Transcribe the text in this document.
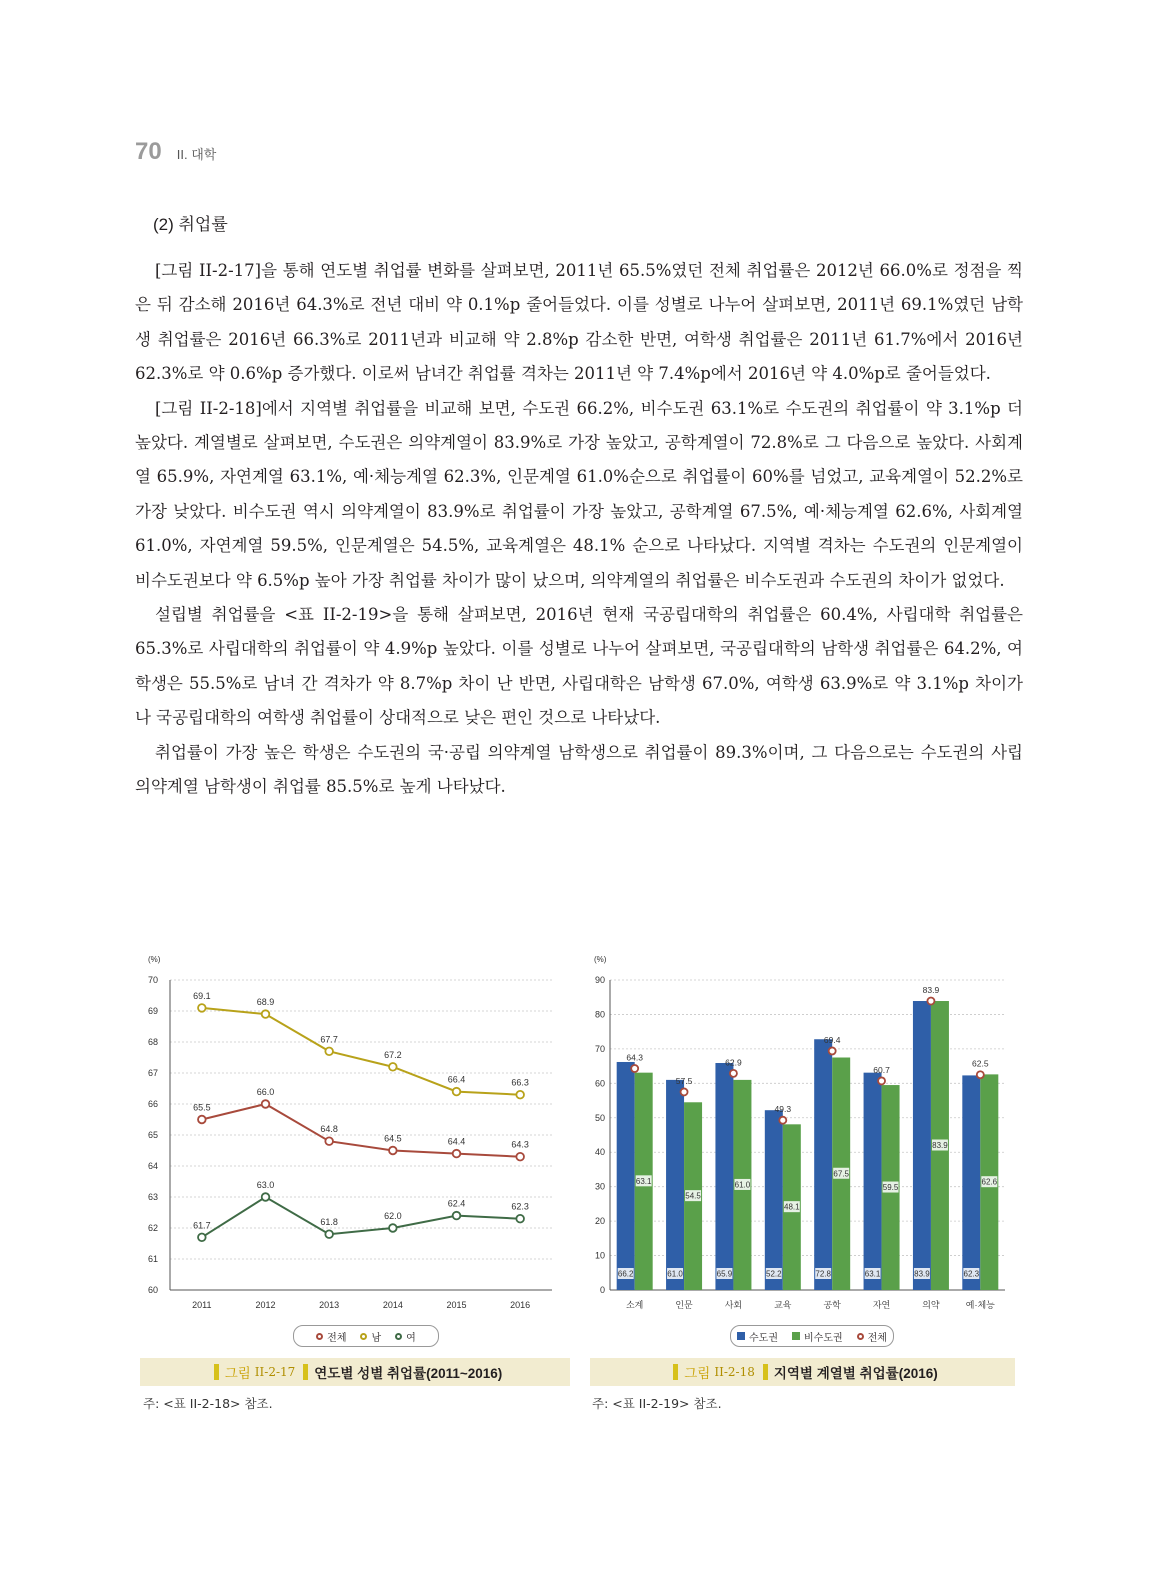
70 II. 대학
(2) 취업률

[그림 II-2-17]을 통해 연도별 취업률 변화를 살펴보면, 2011년 65.5%였던 전체 취업률은 2012년 66.0%로 정점을 찍은 뒤 감소해 2016년 64.3%로 전년 대비 약 0.1%p 줄어들었다. 이를 성별로 나누어 살펴보면, 2011년 69.1%였던 남학생 취업률은 2016년 66.3%로 2011년과 비교해 약 2.8%p 감소한 반면, 여학생 취업률은 2011년 61.7%에서 2016년 62.3%로 약 0.6%p 증가했다. 이로써 남녀간 취업률 격차는 2011년 약 7.4%p에서 2016년 약 4.0%p로 줄어들었다.

[그림 II-2-18]에서 지역별 취업률을 비교해 보면, 수도권 66.2%, 비수도권 63.1%로 수도권의 취업률이 약 3.1%p 더 높았다. 계열별로 살펴보면, 수도권은 의약계열이 83.9%로 가장 높았고, 공학계열이 72.8%로 그 다음으로 높았다. 사회계열 65.9%, 자연계열 63.1%, 예·체능계열 62.3%, 인문계열 61.0%순으로 취업률이 60%를 넘었고, 교육계열이 52.2%로 가장 낮았다. 비수도권 역시 의약계열이 83.9%로 취업률이 가장 높았고, 공학계열 67.5%, 예·체능계열 62.6%, 사회계열 61.0%, 자연계열 59.5%, 인문계열은 54.5%, 교육계열은 48.1% 순으로 나타났다. 지역별 격차는 수도권의 인문계열이 비수도권보다 약 6.5%p 높아 가장 취업률 차이가 많이 났으며, 의약계열의 취업률은 비수도권과 수도권의 차이가 없었다.

설립별 취업률을 <표 II-2-19>을 통해 살펴보면, 2016년 현재 국공립대학의 취업률은 60.4%, 사립대학 취업률은 65.3%로 사립대학의 취업률이 약 4.9%p 높았다. 이를 성별로 나누어 살펴보면, 국공립대학의 남학생 취업률은 64.2%, 여학생은 55.5%로 남녀 간 격차가 약 8.7%p 차이 난 반면, 사립대학은 남학생 67.0%, 여학생 63.9%로 약 3.1%p 차이가 나 국공립대학의 여학생 취업률이 상대적으로 낮은 편인 것으로 나타났다.

취업률이 가장 높은 학생은 수도권의 국·공립 의약계열 남학생으로 취업률이 89.3%이며, 그 다음으로는 수도권의 사립 의약계열 남학생이 취업률 85.5%로 높게 나타났다.

(%)
60
61
62
63
64
65
66
67
68
69
70
2011	2012	2013	2014	2015	2016
65.5
66.0
64.8
64.5	64.4	64.3
69.1
68.9
67.7
67.2
66.4	66.3
61.7
63.0
61.8
62.0
62.4	62.3
전체	남	여
(%)
0
10
20
30
40
50
60
70
80
90
66.2
63.1
64.3
소계
61.0
54.5
57.5
인문
65.9
61.0
62.9
사회
52.2
48.1
49.3
교육
72.8
67.5
69.4
공학
63.1
59.5
60.7
자연
83.9
83.9
83.9
의약
62.3
62.6
62.5
예·체능
수도권	비수도권	전체
그림 II-2-17 연도별 성별 취업률(2011~2016)	그림 II-2-18 지역별 계열별 취업률(2016)
주: <표 II-2-18> 참조.	주: <표 II-2-19> 참조.
